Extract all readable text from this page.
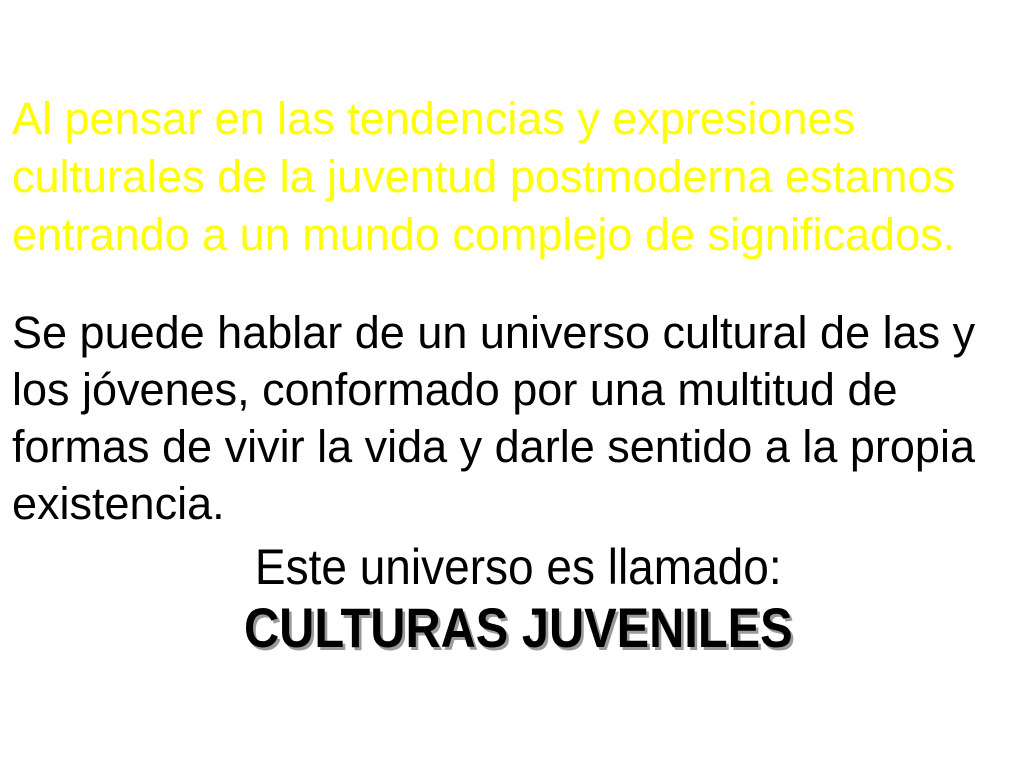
Al pensar en las tendencias y expresiones
culturales de la juventud postmoderna estamos
entrando a un mundo complejo de significados.
Se puede hablar de un universo cultural de las y
los jóvenes, conformado por una multitud de
formas de vivir la vida y darle sentido a la propia
existencia.
Este universo es llamado:
CULTURAS JUVENILES
